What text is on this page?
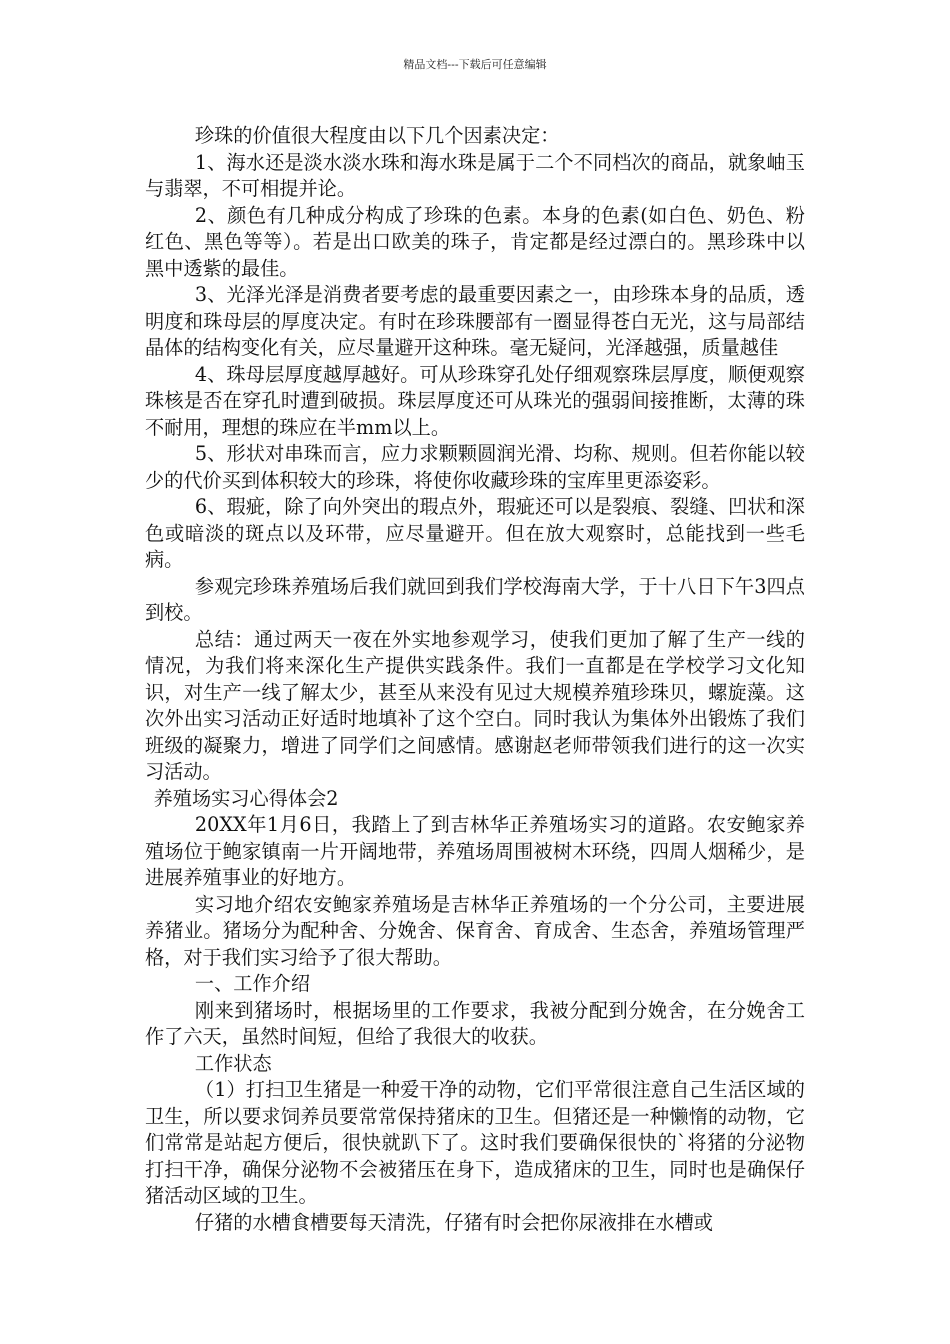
精品文档---下载后可任意编辑

珍珠的价值很大程度由以下几个因素决定：

1、海水还是淡水淡水珠和海水珠是属于二个不同档次的商品，就象岫玉与翡翠，不可相提并论。

2、颜色有几种成分构成了珍珠的色素。本身的色素(如白色、奶色、粉红色、黑色等等）。若是出口欧美的珠子，肯定都是经过漂白的。黑珍珠中以黑中透紫的最佳。

3、光泽光泽是消费者要考虑的最重要因素之一，由珍珠本身的品质，透明度和珠母层的厚度决定。有时在珍珠腰部有一圈显得苍白无光，这与局部结晶体的结构变化有关，应尽量避开这种珠。毫无疑问，光泽越强，质量越佳

4、珠母层厚度越厚越好。可从珍珠穿孔处仔细观察珠层厚度，顺便观察珠核是否在穿孔时遭到破损。珠层厚度还可从珠光的强弱间接推断，太薄的珠不耐用，理想的珠应在半mm以上。

5、形状对串珠而言，应力求颗颗圆润光滑、均称、规则。但若你能以较少的代价买到体积较大的珍珠，将使你收藏珍珠的宝库里更添姿彩。

6、瑕疵，除了向外突出的瑕点外，瑕疵还可以是裂痕、裂缝、凹状和深色或暗淡的斑点以及环带，应尽量避开。但在放大观察时，总能找到一些毛病。

参观完珍珠养殖场后我们就回到我们学校海南大学，于十八日下午3四点到校。

总结：通过两天一夜在外实地参观学习，使我们更加了解了生产一线的情况，为我们将来深化生产提供实践条件。我们一直都是在学校学习文化知识，对生产一线了解太少，甚至从来没有见过大规模养殖珍珠贝，螺旋藻。这次外出实习活动正好适时地填补了这个空白。同时我认为集体外出锻炼了我们班级的凝聚力，增进了同学们之间感情。感谢赵老师带领我们进行的这一次实习活动。

养殖场实习心得体会2

20XX年1月6日，我踏上了到吉林华正养殖场实习的道路。农安鲍家养殖场位于鲍家镇南一片开阔地带，养殖场周围被树木环绕，四周人烟稀少，是进展养殖事业的好地方。

实习地介绍农安鲍家养殖场是吉林华正养殖场的一个分公司，主要进展养猪业。猪场分为配种舍、分娩舍、保育舍、育成舍、生态舍，养殖场管理严格，对于我们实习给予了很大帮助。

一、工作介绍

刚来到猪场时，根据场里的工作要求，我被分配到分娩舍，在分娩舍工作了六天，虽然时间短，但给了我很大的收获。

工作状态

（1）打扫卫生猪是一种爱干净的动物，它们平常很注意自己生活区域的卫生，所以要求饲养员要常常保持猪床的卫生。但猪还是一种懒惰的动物，它们常常是站起方便后，很快就趴下了。这时我们要确保很快的`将猪的分泌物打扫干净，确保分泌物不会被猪压在身下，造成猪床的卫生，同时也是确保仔猪活动区域的卫生。

仔猪的水槽食槽要每天清洗，仔猪有时会把你尿液排在水槽或
